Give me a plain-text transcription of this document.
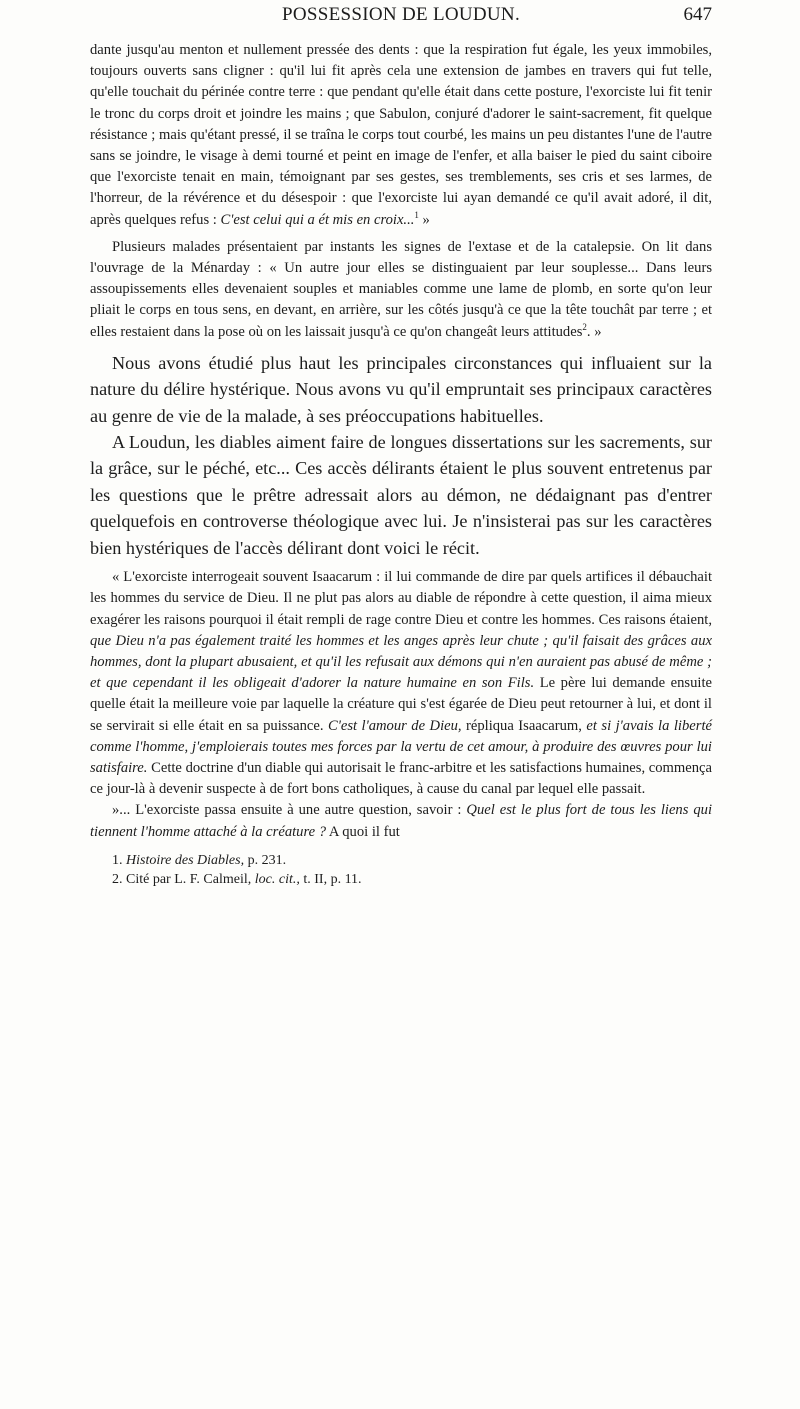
POSSESSION DE LOUDUN.	647

dante jusqu'au menton et nullement pressée des dents : que la respiration fut égale, les yeux immobiles, toujours ouverts sans cligner : qu'il lui fit après cela une extension de jambes en travers qui fut telle, qu'elle touchait du périnée contre terre : que pendant qu'elle était dans cette posture, l'exorciste lui fit tenir le tronc du corps droit et joindre les mains ; que Sabulon, conjuré d'adorer le saint-sacrement, fit quelque résistance ; mais qu'étant pressé, il se traîna le corps tout courbé, les mains un peu distantes l'une de l'autre sans se joindre, le visage à demi tourné et peint en image de l'enfer, et alla baiser le pied du saint ciboire que l'exorciste tenait en main, témoignant par ses gestes, ses tremblements, ses cris et ses larmes, de l'horreur, de la révérence et du désespoir : que l'exorciste lui ayan demandé ce qu'il avait adoré, il dit, après quelques refus : C'est celui qui a ét mis en croix...$^1$ »

Plusieurs malades présentaient par instants les signes de l'extase et de la catalepsie. On lit dans l'ouvrage de la Ménarday : « Un autre jour elles se distinguaient par leur souplesse... Dans leurs assoupissements elles devenaient souples et maniables comme une lame de plomb, en sorte qu'on leur pliait le corps en tous sens, en devant, en arrière, sur les côtés jusqu'à ce que la tête touchât par terre ; et elles restaient dans la pose où on les laissait jusqu'à ce qu'on changeât leurs attitudes$^2$. »

Nous avons étudié plus haut les principales circonstances qui influaient sur la nature du délire hystérique. Nous avons vu qu'il empruntait ses principaux caractères au genre de vie de la malade, à ses préoccupations habituelles.

A Loudun, les diables aiment faire de longues dissertations sur les sacrements, sur la grâce, sur le péché, etc... Ces accès délirants étaient le plus souvent entretenus par les questions que le prêtre adressait alors au démon, ne dédaignant pas d'entrer quelquefois en controverse théologique avec lui. Je n'insisterai pas sur les caractères bien hystériques de l'accès délirant dont voici le récit.

« L'exorciste interrogeait souvent Isaacarum : il lui commande de dire par quels artifices il débauchait les hommes du service de Dieu. Il ne plut pas alors au diable de répondre à cette question, il aima mieux exagérer les raisons pourquoi il était rempli de rage contre Dieu et contre les hommes. Ces raisons étaient, que Dieu n'a pas également traité les hommes et les anges après leur chute ; qu'il faisait des grâces aux hommes, dont la plupart abusaient, et qu'il les refusait aux démons qui n'en auraient pas abusé de même ; et que cependant il les obligeait d'adorer la nature humaine en son Fils. Le père lui demande ensuite quelle était la meilleure voie par laquelle la créature qui s'est égarée de Dieu peut retourner à lui, et dont il se servirait si elle était en sa puissance. C'est l'amour de Dieu, répliqua Isaacarum, et si j'avais la liberté comme l'homme, j'emploierais toutes mes forces par la vertu de cet amour, à produire des œuvres pour lui satisfaire. Cette doctrine d'un diable qui autorisait le franc-arbitre et les satisfactions humaines, commença ce jour-là à devenir suspecte à de fort bons catholiques, à cause du canal par lequel elle passait.

»... L'exorciste passa ensuite à une autre question, savoir : Quel est le plus fort de tous les liens qui tiennent l'homme attaché à la créature ? A quoi il fut

1. Histoire des Diables, p. 231.

2. Cité par L. F. Calmeil, loc. cit., t. II, p. 11.
